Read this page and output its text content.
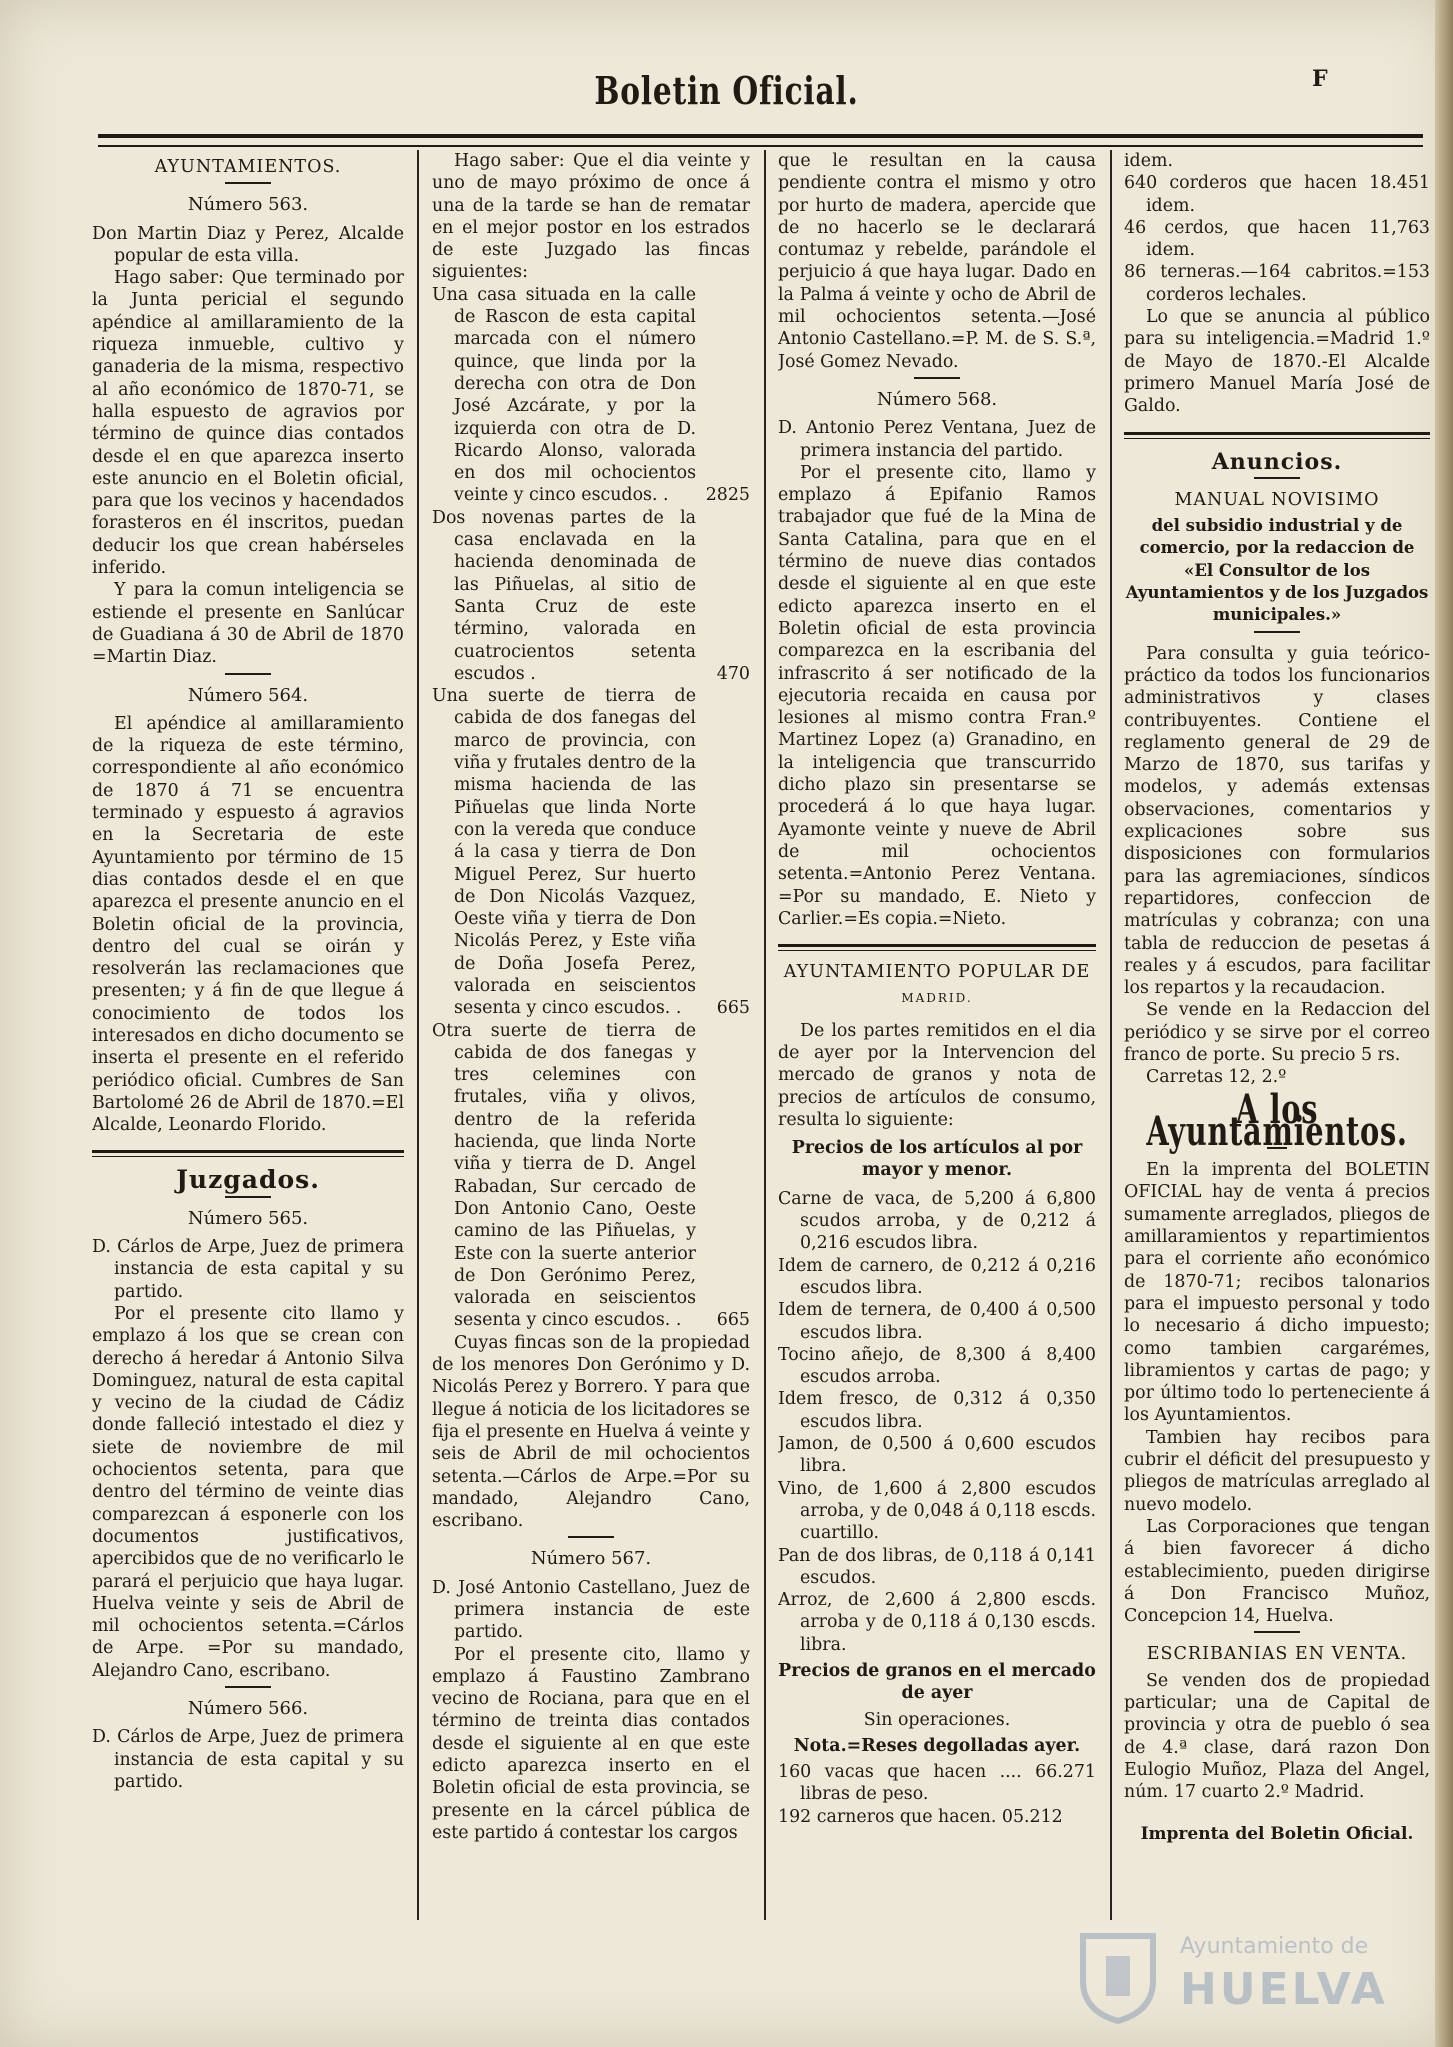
Boletin Oficial.	F
AYUNTAMIENTOS.
Número 563.

Don Martin Diaz y Perez, Alcalde popular de esta villa.

Hago saber: Que terminado por la Junta pericial el segundo apéndice al amillaramiento de la riqueza inmueble, cultivo y ganaderia de la misma, respectivo al año económico de 1870-71, se halla espuesto de agravios por término de quince dias contados desde el en que aparezca inserto este anuncio en el Boletin oficial, para que los vecinos y hacendados forasteros en él inscritos, puedan deducir los que crean habérseles inferido.

Y para la comun inteligencia se estiende el presente en Sanlúcar de Guadiana á 30 de Abril de 1870 =Martin Diaz.

Número 564.

El apéndice al amillaramiento de la riqueza de este término, correspondiente al año económico de 1870 á 71 se encuentra terminado y espuesto á agravios en la Secretaria de este Ayuntamiento por término de 15 dias contados desde el en que aparezca el presente anuncio en el Boletin oficial de la provincia, dentro del cual se oirán y resolverán las reclamaciones que presenten; y á fin de que llegue á conocimiento de todos los interesados en dicho documento se inserta el presente en el referido periódico oficial. Cumbres de San Bartolomé 26 de Abril de 1870.=El Alcalde, Leonardo Florido.

Juzgados.
Número 565.

D. Cárlos de Arpe, Juez de primera instancia de esta capital y su partido.

Por el presente cito llamo y emplazo á los que se crean con derecho á heredar á Antonio Silva Dominguez, natural de esta capital y vecino de la ciudad de Cádiz donde falleció intestado el diez y siete de noviembre de mil ochocientos setenta, para que dentro del término de veinte dias comparezcan á esponerle con los documentos justificativos, apercibidos que de no verificarlo le parará el perjuicio que haya lugar. Huelva veinte y seis de Abril de mil ochocientos setenta.=Cárlos de Arpe. =Por su mandado, Alejandro Cano, escribano.

Número 566.

D. Cárlos de Arpe, Juez de primera instancia de esta capital y su partido.

Hago saber: Que el dia veinte y uno de mayo próximo de once á una de la tarde se han de rematar en el mejor postor en los estrados de este Juzgado las fincas siguientes:

Una casa situada en la calle de Rascon de esta capital marcada con el número quince, que linda por la derecha con otra de Don José Azcárate, y por la izquierda con otra de D. Ricardo Alonso, valorada en dos mil ochocientos veinte y cinco escudos. .	2825
Dos novenas partes de la casa enclavada en la hacienda denominada de las Piñuelas, al sitio de Santa Cruz de este término, valorada en cuatrocientos setenta escudos .	470
Una suerte de tierra de cabida de dos fanegas del marco de provincia, con viña y frutales dentro de la misma hacienda de las Piñuelas que linda Norte con la vereda que conduce á la casa y tierra de Don Miguel Perez, Sur huerto de Don Nicolás Vazquez, Oeste viña y tierra de Don Nicolás Perez, y Este viña de Doña Josefa Perez, valorada en seiscientos sesenta y cinco escudos. .	665
Otra suerte de tierra de cabida de dos fanegas y tres celemines con frutales, viña y olivos, dentro de la referida hacienda, que linda Norte viña y tierra de D. Angel Rabadan, Sur cercado de Don Antonio Cano, Oeste camino de las Piñuelas, y Este con la suerte anterior de Don Gerónimo Perez, valorada en seiscientos sesenta y cinco escudos. .	665

Cuyas fincas son de la propiedad de los menores Don Gerónimo y D. Nicolás Perez y Borrero. Y para que llegue á noticia de los licitadores se fija el presente en Huelva á veinte y seis de Abril de mil ochocientos setenta.—Cárlos de Arpe.=Por su mandado, Alejandro Cano, escribano.

Número 567.

D. José Antonio Castellano, Juez de primera instancia de este partido.

Por el presente cito, llamo y emplazo á Faustino Zambrano vecino de Rociana, para que en el término de treinta dias contados desde el siguiente al en que este edicto aparezca inserto en el Boletin oficial de esta provincia, se presente en la cárcel pública de este partido á contestar los cargos

que le resultan en la causa pendiente contra el mismo y otro por hurto de madera, apercide que de no hacerlo se le declarará contumaz y rebelde, parándole el perjuicio á que haya lugar. Dado en la Palma á veinte y ocho de Abril de mil ochocientos setenta.—José Antonio Castellano.=P. M. de S. S.ª, José Gomez Nevado.

Número 568.

D. Antonio Perez Ventana, Juez de primera instancia del partido.

Por el presente cito, llamo y emplazo á Epifanio Ramos trabajador que fué de la Mina de Santa Catalina, para que en el término de nueve dias contados desde el siguiente al en que este edicto aparezca inserto en el Boletin oficial de esta provincia comparezca en la escribania del infrascrito á ser notificado de la ejecutoria recaida en causa por lesiones al mismo contra Fran.º Martinez Lopez (a) Granadino, en la inteligencia que transcurrido dicho plazo sin presentarse se procederá á lo que haya lugar. Ayamonte veinte y nueve de Abril de mil ochocientos setenta.=Antonio Perez Ventana. =Por su mandado, E. Nieto y Carlier.=Es copia.=Nieto.

AYUNTAMIENTO POPULAR DE
MADRID.

De los partes remitidos en el dia de ayer por la Intervencion del mercado de granos y nota de precios de artículos de consumo, resulta lo siguiente:

Precios de los artículos al por mayor y menor.

Carne de vaca, de 5,200 á 6,800 scudos arroba, y de 0,212 á 0,216 escudos libra.

Idem de carnero, de 0,212 á 0,216 escudos libra.

Idem de ternera, de 0,400 á 0,500 escudos libra.

Tocino añejo, de 8,300 á 8,400 escudos arroba.

Idem fresco, de 0,312 á 0,350 escudos libra.

Jamon, de 0,500 á 0,600 escudos libra.

Vino, de 1,600 á 2,800 escudos arroba, y de 0,048 á 0,118 escds. cuartillo.

Pan de dos libras, de 0,118 á 0,141 escudos.

Arroz, de 2,600 á 2,800 escds. arroba y de 0,118 á 0,130 escds. libra.

Precios de granos en el mercado de ayer
Sin operaciones.
Nota.=Reses degolladas ayer.

160 vacas que hacen .... 66.271 libras de peso.

192 carneros que hacen. 05.212

idem.

640 corderos que hacen 18.451 idem.

46 cerdos, que hacen 11,763 idem.

86 terneras.—164 cabritos.=153 corderos lechales.

Lo que se anuncia al público para su inteligencia.=Madrid 1.º de Mayo de 1870.-El Alcalde primero Manuel María José de Galdo.

Anuncios.
MANUAL NOVISIMO
del subsidio industrial y de comercio, por la redaccion de «El Consultor de los Ayuntamientos y de los Juzgados municipales.»

Para consulta y guia teórico-práctico da todos los funcionarios administrativos y clases contribuyentes. Contiene el reglamento general de 29 de Marzo de 1870, sus tarifas y modelos, y además extensas observaciones, comentarios y explicaciones sobre sus disposiciones con formularios para las agremiaciones, síndicos repartidores, confeccion de matrículas y cobranza; con una tabla de reduccion de pesetas á reales y á escudos, para facilitar los repartos y la recaudacion.

Se vende en la Redaccion del periódico y se sirve por el correo franco de porte. Su precio 5 rs.

Carretas 12, 2.º

A los Ayuntamientos.

En la imprenta del BOLETIN OFICIAL hay de venta á precios sumamente arreglados, pliegos de amillaramientos y repartimientos para el corriente año económico de 1870-71; recibos talonarios para el impuesto personal y todo lo necesario á dicho impuesto; como tambien cargarémes, libramientos y cartas de pago; y por último todo lo perteneciente á los Ayuntamientos.

Tambien hay recibos para cubrir el déficit del presupuesto y pliegos de matrículas arreglado al nuevo modelo.

Las Corporaciones que tengan á bien favorecer á dicho establecimiento, pueden dirigirse á Don Francisco Muñoz, Concepcion 14, Huelva.

ESCRIBANIAS EN VENTA.

Se venden dos de propiedad particular; una de Capital de provincia y otra de pueblo ó sea de 4.ª clase, dará razon Don Eulogio Muñoz, Plaza del Angel, núm. 17 cuarto 2.º Madrid.

Imprenta del Boletin Oficial.
Ayuntamiento de
HUELVA
